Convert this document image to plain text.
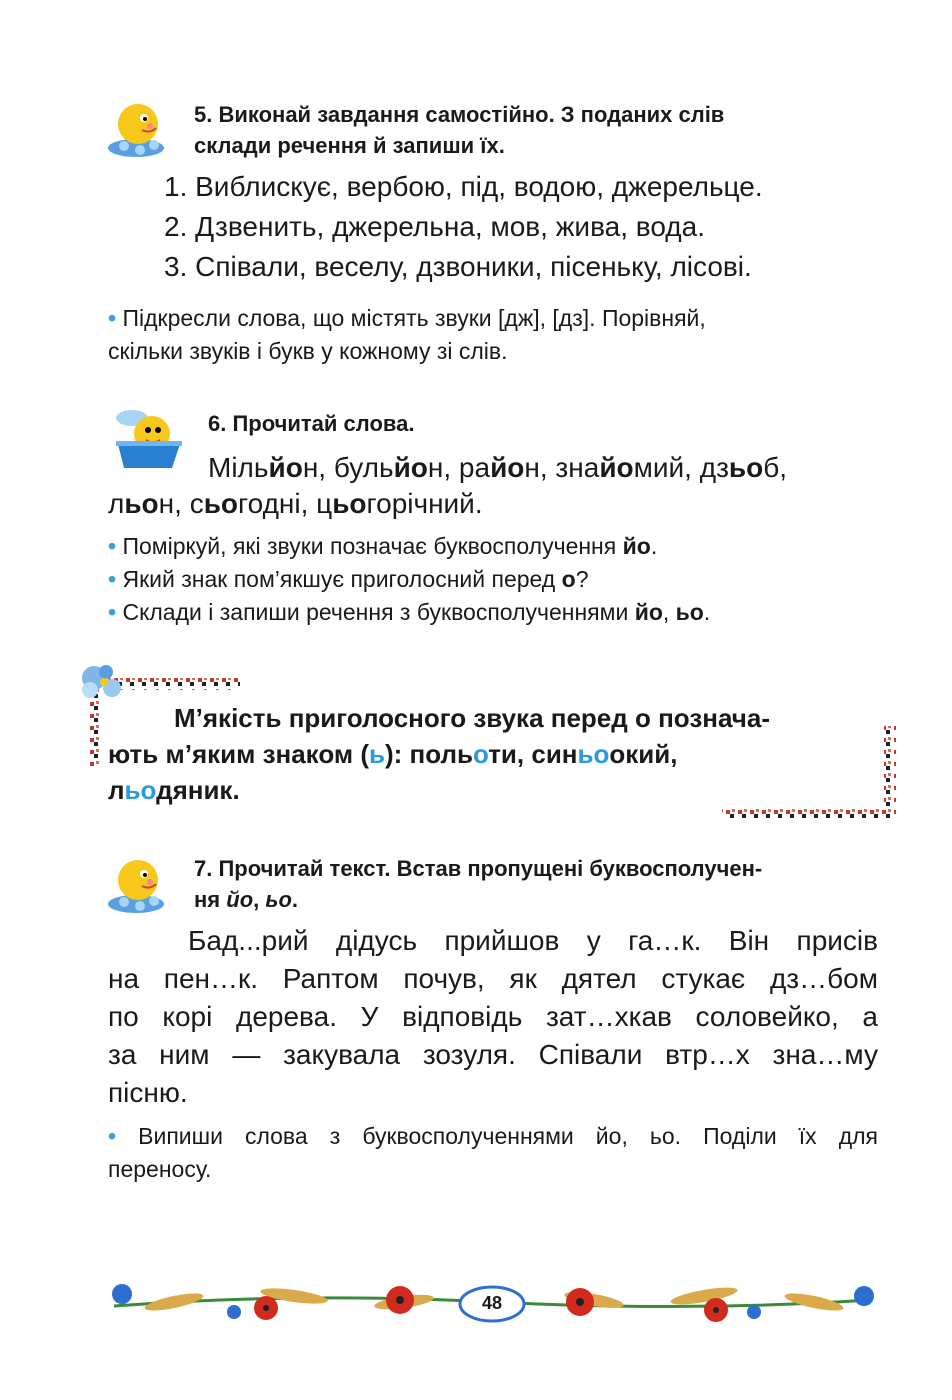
5. Виконай завдання самостійно. З поданих слів
склади речення й запиши їх.
1. Виблискує, вербою, під, водою, джерельце.
2. Дзвенить, джерельна, мов, жива, вода.
3. Співали, веселу, дзвоники, пісеньку, лісові.
• Підкресли слова, що містять звуки [дж], [дз]. Порівняй,
скільки звуків і букв у кожному зі слів.
6. Прочитай слова.
Мільйон, бульйон, район, знайомий, дзьоб,
льон, сьогодні, цьогорічний.
• Поміркуй, які звуки позначає буквосполучення йо.
• Який знак пом’якшує приголосний перед о?
• Склади і запиши речення з буквосполученнями йо, ьо.
М’якість приголосного звука перед о познача-
ють м’яким знаком (ь): польоти, синьоокий,
льодяник.
7. Прочитай текст. Встав пропущені буквосполучен-
ня йо, ьо.
Бад...рий дідусь прийшов у га…к. Він присів
на пен…к. Раптом почув, як дятел стукає дз…бом
по корі дерева. У відповідь зат…хкав соловейко, а
за ним — закувала зозуля. Співали втр…х зна…му
пісню.
• Випиши слова з буквосполученнями йо, ьо. Поділи їх для
переносу.
48
